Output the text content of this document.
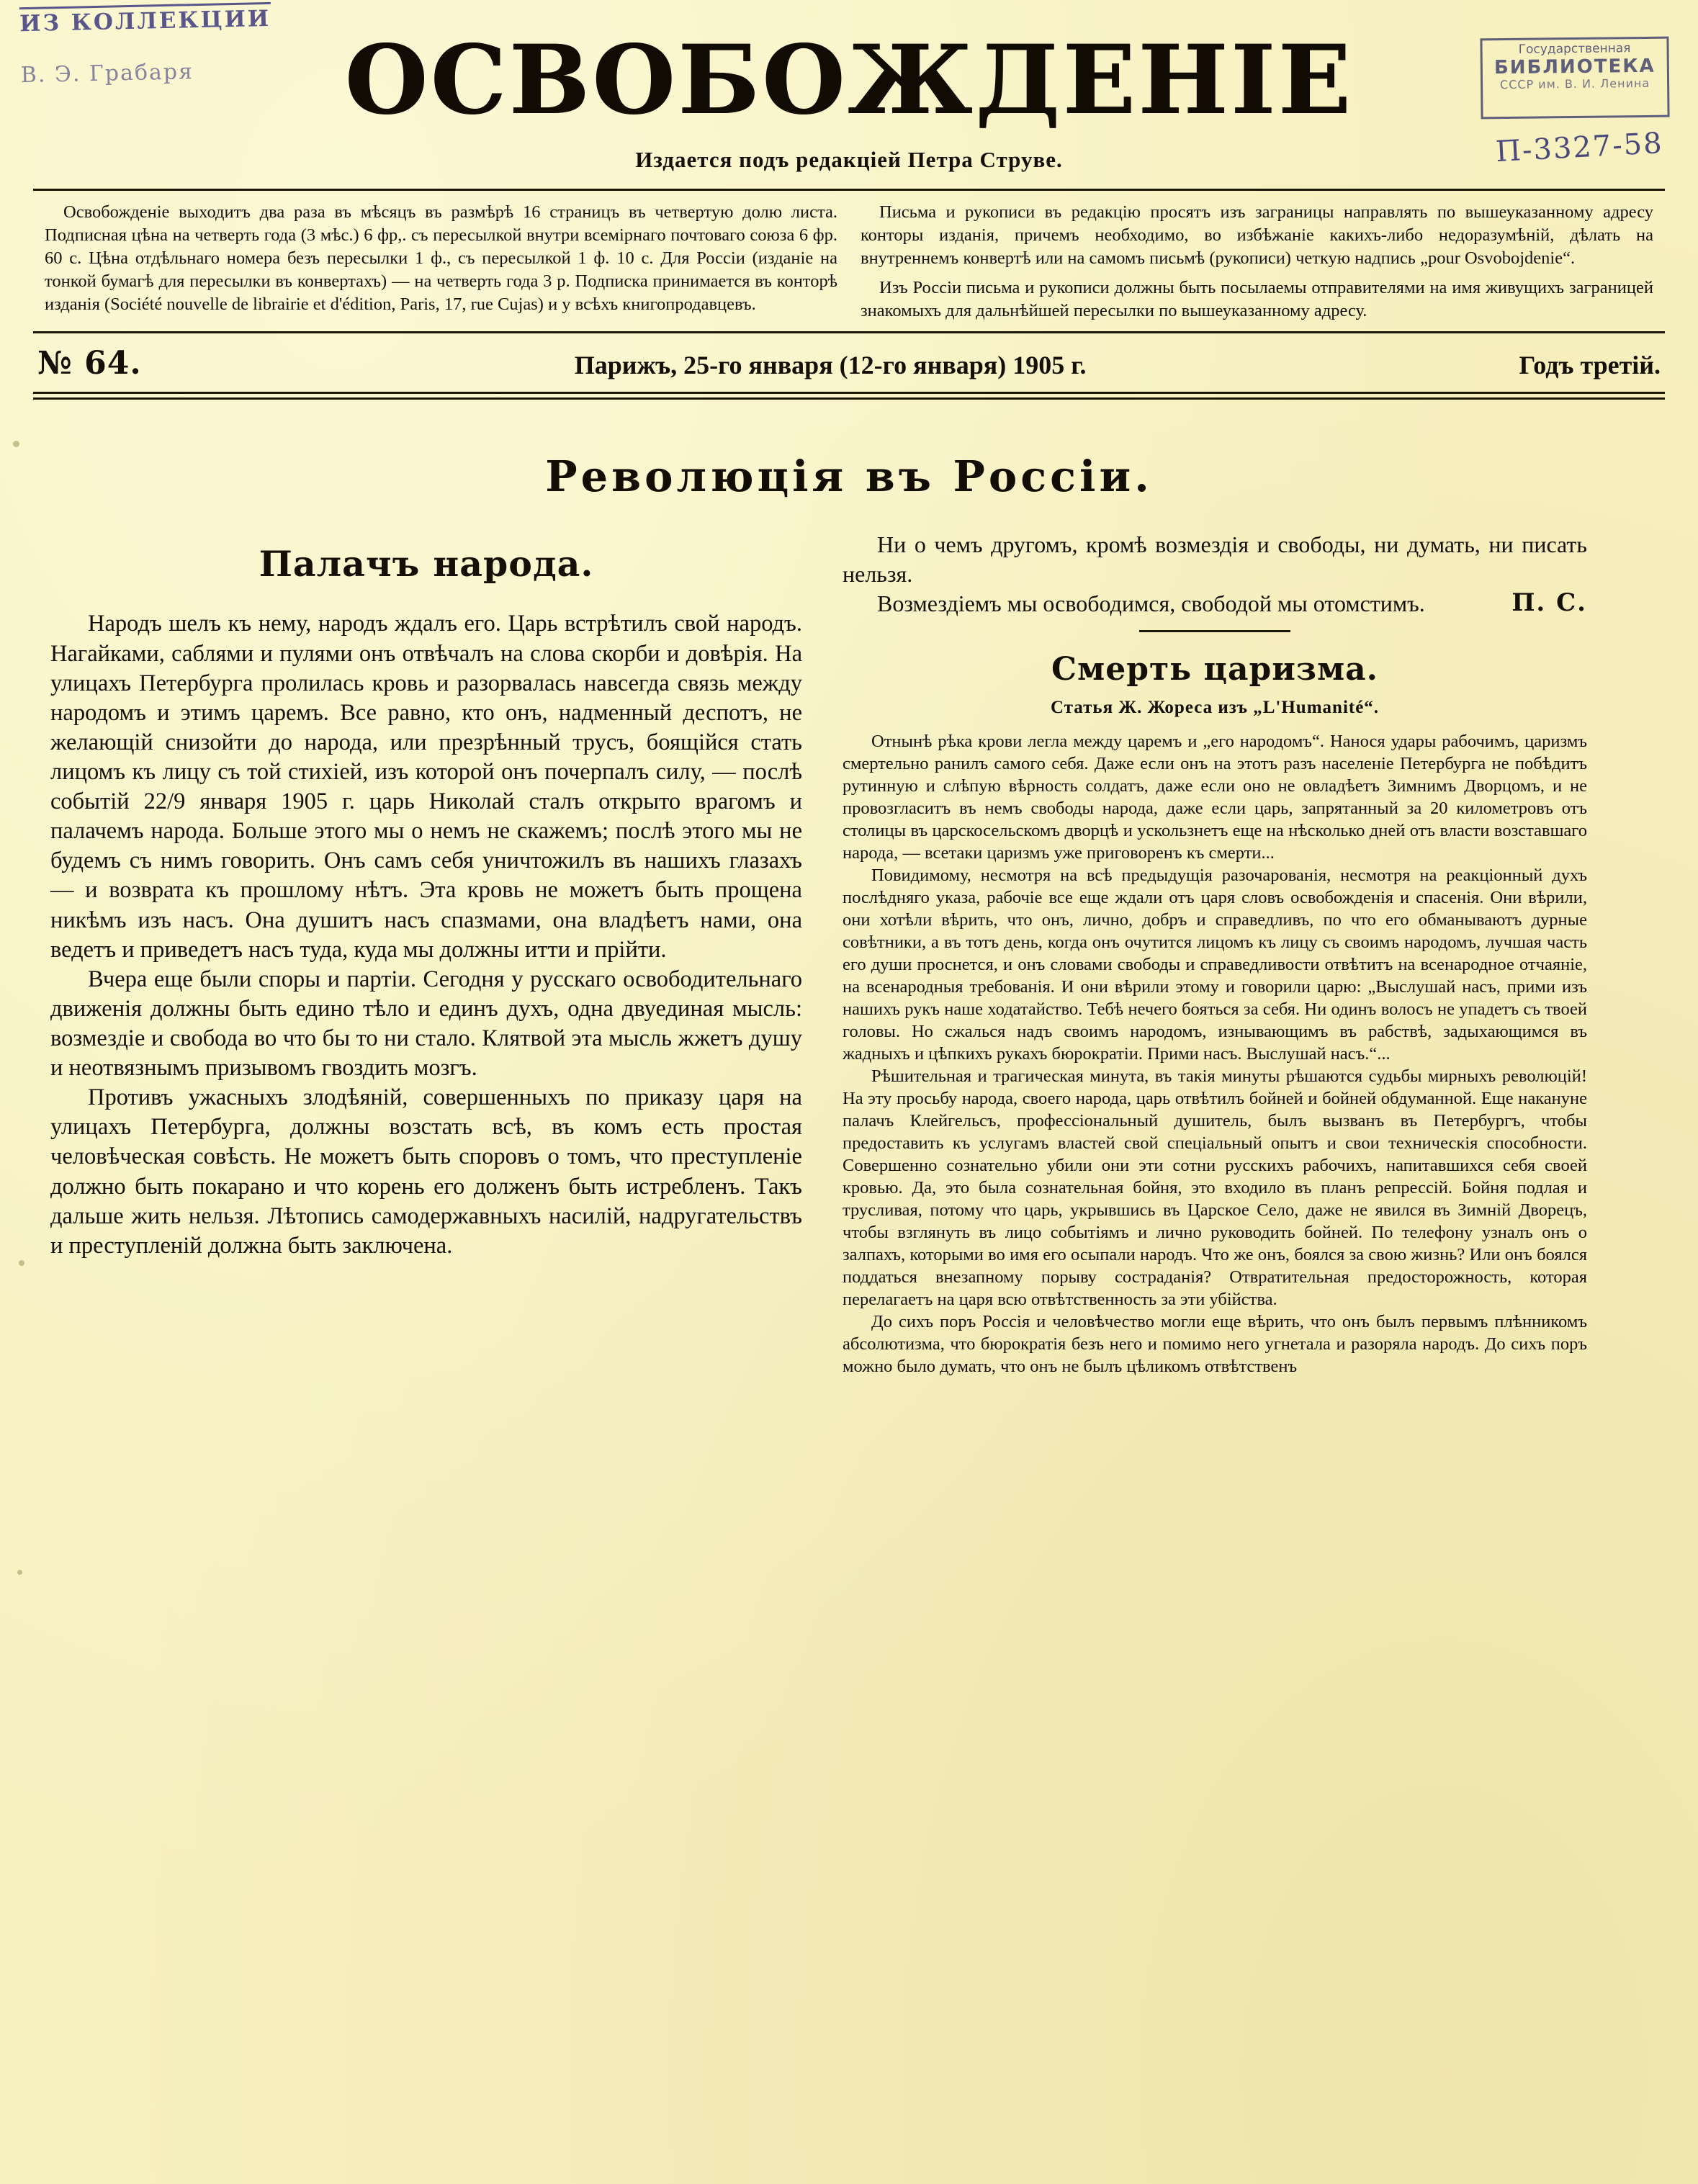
ИЗ КОЛЛЕКЦИИ
В. Э. Грабаря
Государственная
БИБЛИОТЕКА
СССР им. В. И. Ленина
П-3327-58
ОСВОБОЖДЕНIЕ
Издается подъ редакціей Петра Струве.

Освобожденіе выходитъ два раза въ мѣсяцъ въ размѣрѣ 16 страницъ въ четвертую долю листа. Подписная цѣна на четверть года (3 мѣс.) 6 фр,. съ пересылкой внутри всемірнаго почтоваго союза 6 фр. 60 с. Цѣна отдѣльнаго номера безъ пересылки 1 ф., съ пересылкой 1 ф. 10 с. Для Россіи (изданіе на тонкой бумагѣ для пересылки въ конвертахъ) — на четверть года 3 р. Подписка принимается въ конторѣ изданія (Société nouvelle de librairie et d'édition, Paris, 17, rue Cujas) и у всѣхъ книгопродавцевъ.

Письма и рукописи въ редакцію просятъ изъ заграницы направлять по вышеуказанному адресу конторы изданія, причемъ необходимо, во избѣжаніе какихъ-либо недоразумѣній, дѣлать на внутреннемъ конвертѣ или на самомъ письмѣ (рукописи) четкую надпись „pour Osvobojdenie“.

Изъ Россіи письма и рукописи должны быть посылаемы отправителями на имя живущихъ заграницей знакомыхъ для дальнѣйшей пересылки по вышеуказанному адресу.

№ 64.	Парижъ, 25-го января (12-го января) 1905 г.	Годъ третій.
Революція въ Россіи.
Палачъ народа.

Народъ шелъ къ нему, народъ ждалъ его. Царь встрѣтилъ свой народъ. Нагайками, саблями и пулями онъ отвѣчалъ на слова скорби и довѣрія. На улицахъ Петербурга пролилась кровь и разорвалась навсегда связь между народомъ и этимъ царемъ. Все равно, кто онъ, надменный деспотъ, не желающій снизойти до народа, или презрѣнный трусъ, боящійся стать лицомъ къ лицу съ той стихіей, изъ которой онъ почерпалъ силу, — послѣ событій 22/9 января 1905 г. царь Николай сталъ открыто врагомъ и палачемъ народа. Больше этого мы о немъ не скажемъ; послѣ этого мы не будемъ съ нимъ говорить. Онъ самъ себя уничтожилъ въ нашихъ глазахъ — и возврата къ прошлому нѣтъ. Эта кровь не можетъ быть прощена никѣмъ изъ насъ. Она душитъ насъ спазмами, она владѣетъ нами, она ведетъ и приведетъ насъ туда, куда мы должны итти и прійти.

Вчера еще были споры и партіи. Сегодня у русскаго освободительнаго движенія должны быть едино тѣло и единъ духъ, одна двуединая мысль: возмездіе и свобода во что бы то ни стало. Клятвой эта мысль жжетъ душу и неотвязнымъ призывомъ гвоздить мозгъ.

Противъ ужасныхъ злодѣяній, совершенныхъ по приказу царя на улицахъ Петербурга, должны возстать всѣ, въ комъ есть простая человѣческая совѣсть. Не можетъ быть споровъ о томъ, что преступленіе должно быть покарано и что корень его долженъ быть истребленъ. Такъ дальше жить нельзя. Лѣтопись самодержавныхъ насилій, надругательствъ и преступленій должна быть заключена.

Ни о чемъ другомъ, кромѣ возмездія и свободы, ни думать, ни писать нельзя.

Возмездіемъ мы освободимся, свободой мы отомстимъ.	П. С.
Смерть царизма.
Статья Ж. Жореса изъ „L'Humanité“.

Отнынѣ рѣка крови легла между царемъ и „его народомъ“. Нанося удары рабочимъ, царизмъ смертельно ранилъ самого себя. Даже если онъ на этотъ разъ населеніе Петербурга не побѣдитъ рутинную и слѣпую вѣрность солдатъ, даже если оно не овладѣетъ Зимнимъ Дворцомъ, и не провозгласитъ въ немъ свободы народа, даже если царь, запрятанный за 20 километровъ отъ столицы въ царскосельскомъ дворцѣ и ускользнетъ еще на нѣсколько дней отъ власти возставшаго народа, — всетаки царизмъ уже приговоренъ къ смерти...

Повидимому, несмотря на всѣ предыдущія разочарованія, несмотря на реакціонный духъ послѣдняго указа, рабочіе все еще ждали отъ царя словъ освобожденія и спасенія. Они вѣрили, они хотѣли вѣрить, что онъ, лично, добръ и справедливъ, по что его обманываютъ дурные совѣтники, а въ тотъ день, когда онъ очутится лицомъ къ лицу съ своимъ народомъ, лучшая часть его души проснется, и онъ словами свободы и справедливости отвѣтитъ на всенародное отчаяніе, на всенародныя требованія. И они вѣрили этому и говорили царю: „Выслушай насъ, прими изъ нашихъ рукъ наше ходатайство. Тебѣ нечего бояться за себя. Ни одинъ волосъ не упадетъ съ твоей головы. Но сжалься надъ своимъ народомъ, изнывающимъ въ рабствѣ, задыхающимся въ жадныхъ и цѣпкихъ рукахъ бюрократіи. Прими насъ. Выслушай насъ.“...

Рѣшительная и трагическая минута, въ такія минуты рѣшаются судьбы мирныхъ революцій! На эту просьбу народа, своего народа, царь отвѣтилъ бойней и бойней обдуманной. Еще накануне палачъ Клейгельсъ, профессіональный душитель, былъ вызванъ въ Петербургъ, чтобы предоставить къ услугамъ властей свой спеціальный опытъ и свои техническія способности. Совершенно сознательно убили они эти сотни русскихъ рабочихъ, напитавшихся себя своей кровью. Да, это была сознательная бойня, это входило въ планъ репрессій. Бойня подлая и трусливая, потому что царь, укрывшись въ Царское Село, даже не явился въ Зимній Дворецъ, чтобы взглянуть въ лицо событіямъ и лично руководить бойней. По телефону узналъ онъ о залпахъ, которыми во имя его осыпали народъ. Что же онъ, боялся за свою жизнь? Или онъ боялся поддаться внезапному порыву состраданія? Отвратительная предосторожность, которая перелагаетъ на царя всю отвѣтственность за эти убійства.

До сихъ поръ Россія и человѣчество могли еще вѣрить, что онъ былъ первымъ плѣнникомъ абсолютизма, что бюрократія безъ него и помимо него угнетала и разоряла народъ. До сихъ поръ можно было думать, что онъ не былъ цѣликомъ отвѣтственъ
